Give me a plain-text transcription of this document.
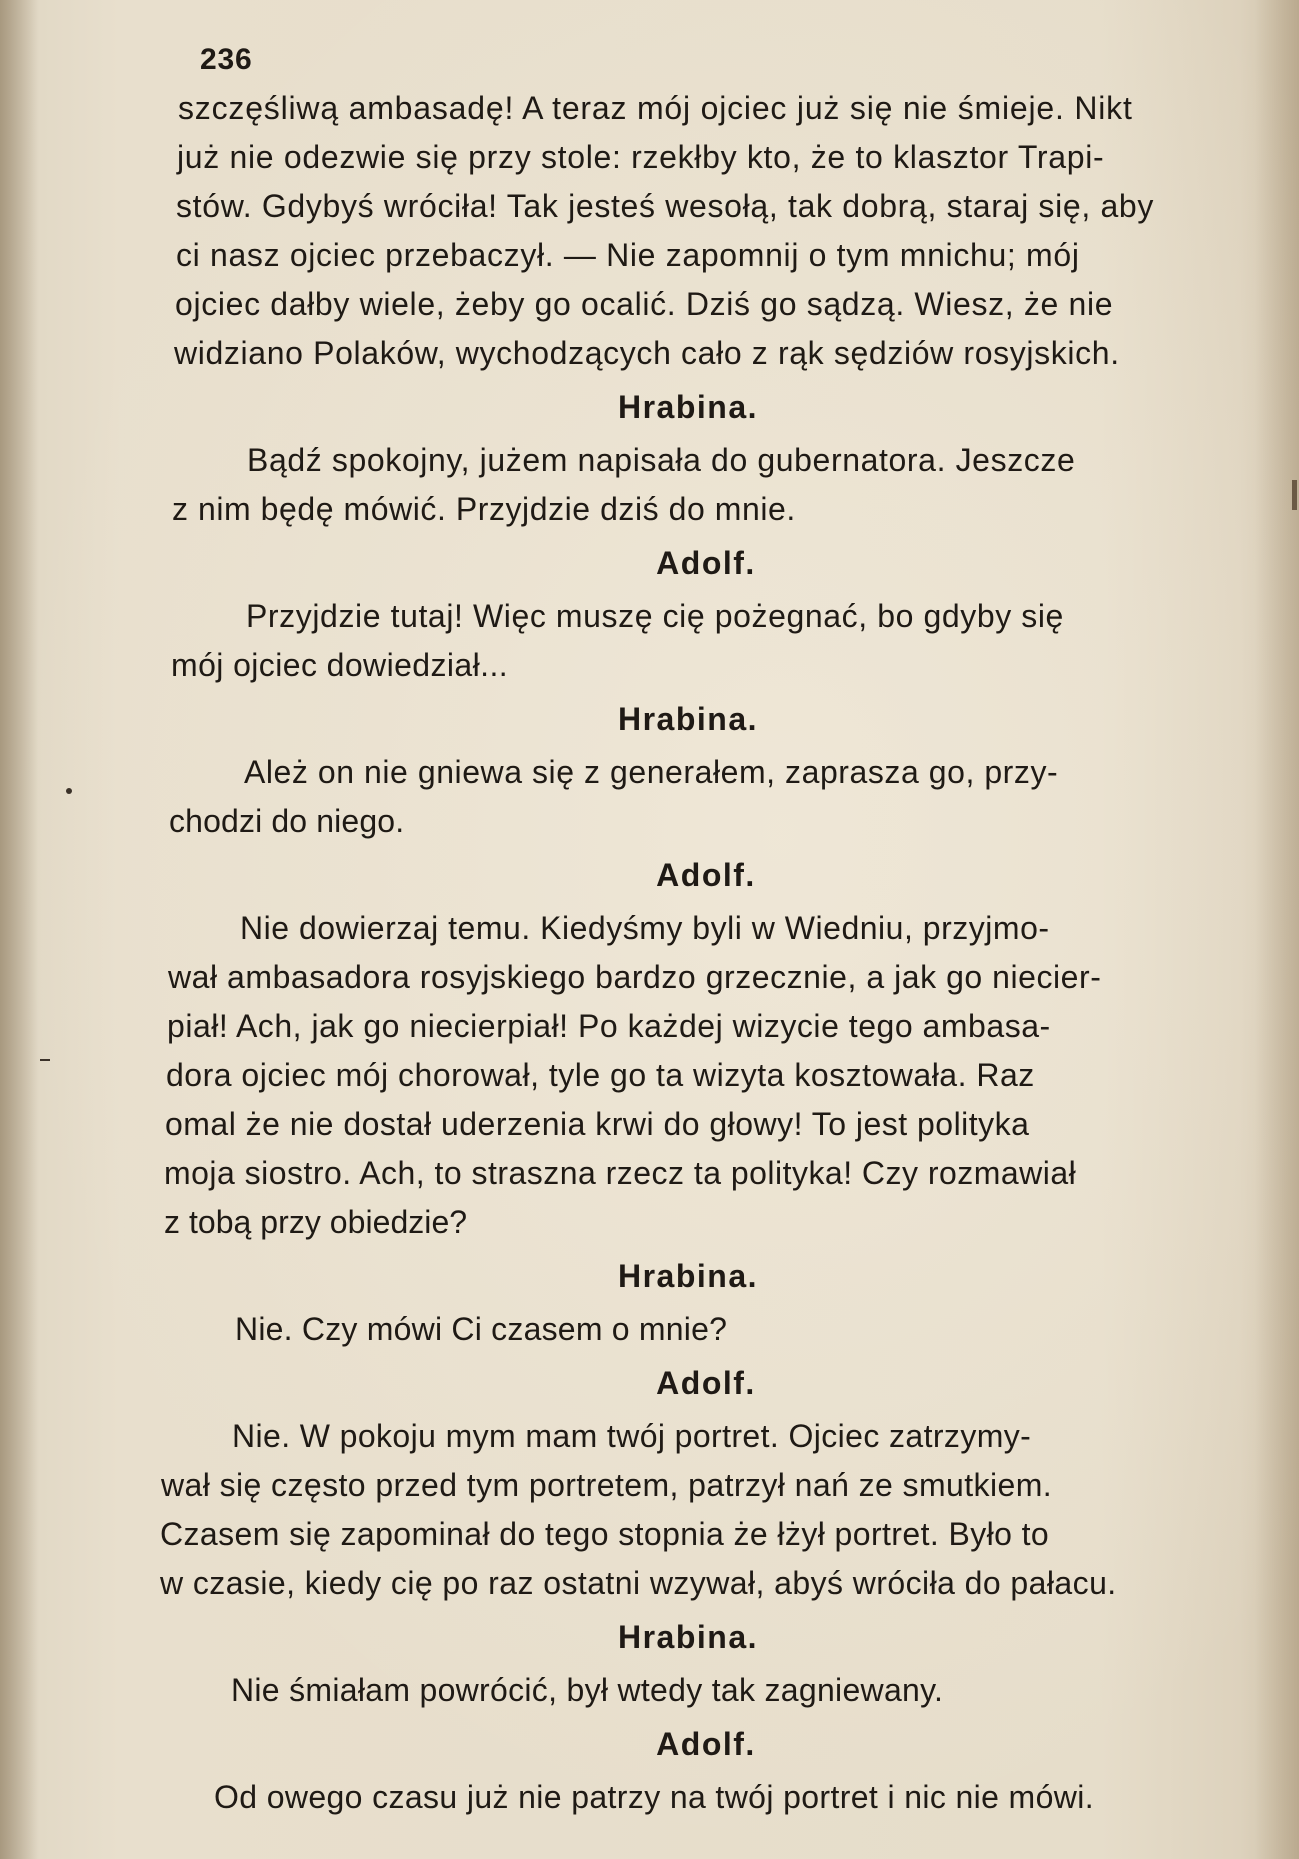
236
szczęśliwą ambasadę! A teraz mój ojciec już się nie śmieje. Nikt
już nie odezwie się przy stole: rzekłby kto, że to klasztor Trapi-
stów. Gdybyś wróciła! Tak jesteś wesołą, tak dobrą, staraj się, aby
ci nasz ojciec przebaczył. — Nie zapomnij o tym mnichu; mój
ojciec dałby wiele, żeby go ocalić. Dziś go sądzą. Wiesz, że nie
widziano Polaków, wychodzących cało z rąk sędziów rosyjskich.
Hrabina.
Bądź spokojny, jużem napisała do gubernatora. Jeszcze
z nim będę mówić. Przyjdzie dziś do mnie.
Adolf.
Przyjdzie tutaj! Więc muszę cię pożegnać, bo gdyby się
mój ojciec dowiedział...
Hrabina.
Ależ on nie gniewa się z generałem, zaprasza go, przy-
chodzi do niego.
Adolf.
Nie dowierzaj temu. Kiedyśmy byli w Wiedniu, przyjmo-
wał ambasadora rosyjskiego bardzo grzecznie, a jak go niecier-
piał! Ach, jak go niecierpiał! Po każdej wizycie tego ambasa-
dora ojciec mój chorował, tyle go ta wizyta kosztowała. Raz
omal że nie dostał uderzenia krwi do głowy! To jest polityka
moja siostro. Ach, to straszna rzecz ta polityka! Czy rozmawiał
z tobą przy obiedzie?
Hrabina.
Nie. Czy mówi Ci czasem o mnie?
Adolf.
Nie. W pokoju mym mam twój portret. Ojciec zatrzymy-
wał się często przed tym portretem, patrzył nań ze smutkiem.
Czasem się zapominał do tego stopnia że łżył portret. Było to
w czasie, kiedy cię po raz ostatni wzywał, abyś wróciła do pałacu.
Hrabina.
Nie śmiałam powrócić, był wtedy tak zagniewany.
Adolf.
Od owego czasu już nie patrzy na twój portret i nic nie mówi.
